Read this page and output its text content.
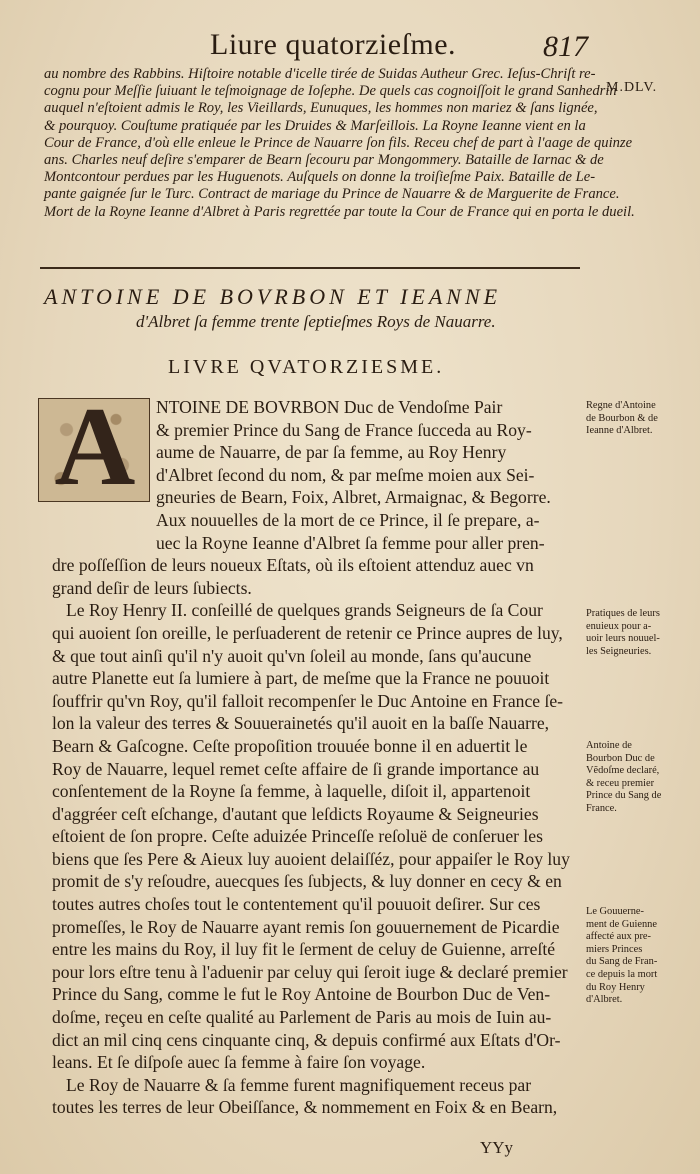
Liure quatorzieſme.	817
au nombre des Rabbins. Hiſtoire notable d'icelle tirée de Suidas Autheur Grec. Ieſus-Chriſt re-
cognu pour Meſſie ſuiuant le teſmoignage de Ioſephe. De quels cas cognoiſſoit le grand Sanhedrin
auquel n'eſtoient admis le Roy, les Vieillards, Eunuques, les hommes non mariez & ſans lignée,
& pourquoy. Couſtume pratiquée par les Druides & Marſeillois. La Royne Ieanne vient en la
Cour de France, d'où elle enleue le Prince de Nauarre ſon fils. Receu chef de part à l'aage de quinze
ans. Charles neuf deſire s'emparer de Bearn ſecouru par Mongommery. Bataille de Iarnac & de
Montcontour perdues par les Huguenots. Auſquels on donne la troiſieſme Paix. Bataille de Le-
pante gaignée ſur le Turc. Contract de mariage du Prince de Nauarre & de Marguerite de France.
Mort de la Royne Ieanne d'Albret à Paris regrettée par toute la Cour de France qui en porta le dueil.
M.DLV.
ANTOINE DE BOVRBON ET IEANNE
d'Albret ſa femme trente ſeptieſmes Roys de Nauarre.
LIVRE QVATORZIESME.
A	NTOINE DE BOVRBON Duc de Vendoſme Pair
& premier Prince du Sang de France ſucceda au Roy-
aume de Nauarre, de par ſa femme, au Roy Henry
d'Albret ſecond du nom, & par meſme moien aux Sei-
gneuries de Bearn, Foix, Albret, Armaignac, & Begorre.
Aux nouuelles de la mort de ce Prince, il ſe prepare, a-
uec la Royne Ieanne d'Albret ſa femme pour aller pren-
dre poſſeſſion de leurs noueux Eſtats, où ils eſtoient attenduz auec vn
grand deſir de leurs ſubiects.
Le Roy Henry II. conſeillé de quelques grands Seigneurs de ſa Cour
qui auoient ſon oreille, le perſuaderent de retenir ce Prince aupres de luy,
& que tout ainſi qu'il n'y auoit qu'vn ſoleil au monde, ſans qu'aucune
autre Planette eut ſa lumiere à part, de meſme que la France ne pouuoit
ſouffrir qu'vn Roy, qu'il falloit recompenſer le Duc Antoine en France ſe-
lon la valeur des terres & Souuerainetés qu'il auoit en la baſſe Nauarre,
Bearn & Gaſcogne. Ceſte propoſition trouuée bonne il en aduertit le
Roy de Nauarre, lequel remet ceſte affaire de ſi grande importance au
conſentement de la Royne ſa femme, à laquelle, diſoit il, appartenoit
d'aggréer ceſt eſchange, d'autant que leſdicts Royaume & Seigneuries
eſtoient de ſon propre. Ceſte aduizée Princeſſe reſoluë de conſeruer les
biens que ſes Pere & Aieux luy auoient delaiſſéz, pour appaiſer le Roy luy
promit de s'y reſoudre, auecques ſes ſubjects, & luy donner en cecy & en
toutes autres choſes tout le contentement qu'il pouuoit deſirer. Sur ces
promeſſes, le Roy de Nauarre ayant remis ſon gouuernement de Picardie
entre les mains du Roy, il luy fit le ſerment de celuy de Guienne, arreſté
pour lors eſtre tenu à l'aduenir par celuy qui ſeroit iuge & declaré premier
Prince du Sang, comme le fut le Roy Antoine de Bourbon Duc de Ven-
doſme, reçeu en ceſte qualité au Parlement de Paris au mois de Iuin au-
dict an mil cinq cens cinquante cinq, & depuis confirmé aux Eſtats d'Or-
leans. Et ſe diſpoſe auec ſa femme à faire ſon voyage.
Le Roy de Nauarre & ſa femme furent magnifiquement receus par
toutes les terres de leur Obeiſſance, & nommement en Foix & en Bearn,
Regne d'Antoine
de Bourbon & de
Ieanne d'Albret.
Pratiques de leurs
enuieux pour a-
uoir leurs nouuel-
les Seigneuries.
Antoine de
Bourbon Duc de
Vẽdoſme declaré,
& receu premier
Prince du Sang de
France.
Le Gouuerne-
ment de Guienne
affecté aux pre-
miers Princes
du Sang de Fran-
ce depuis la mort
du Roy Henry
d'Albret.
YYy
